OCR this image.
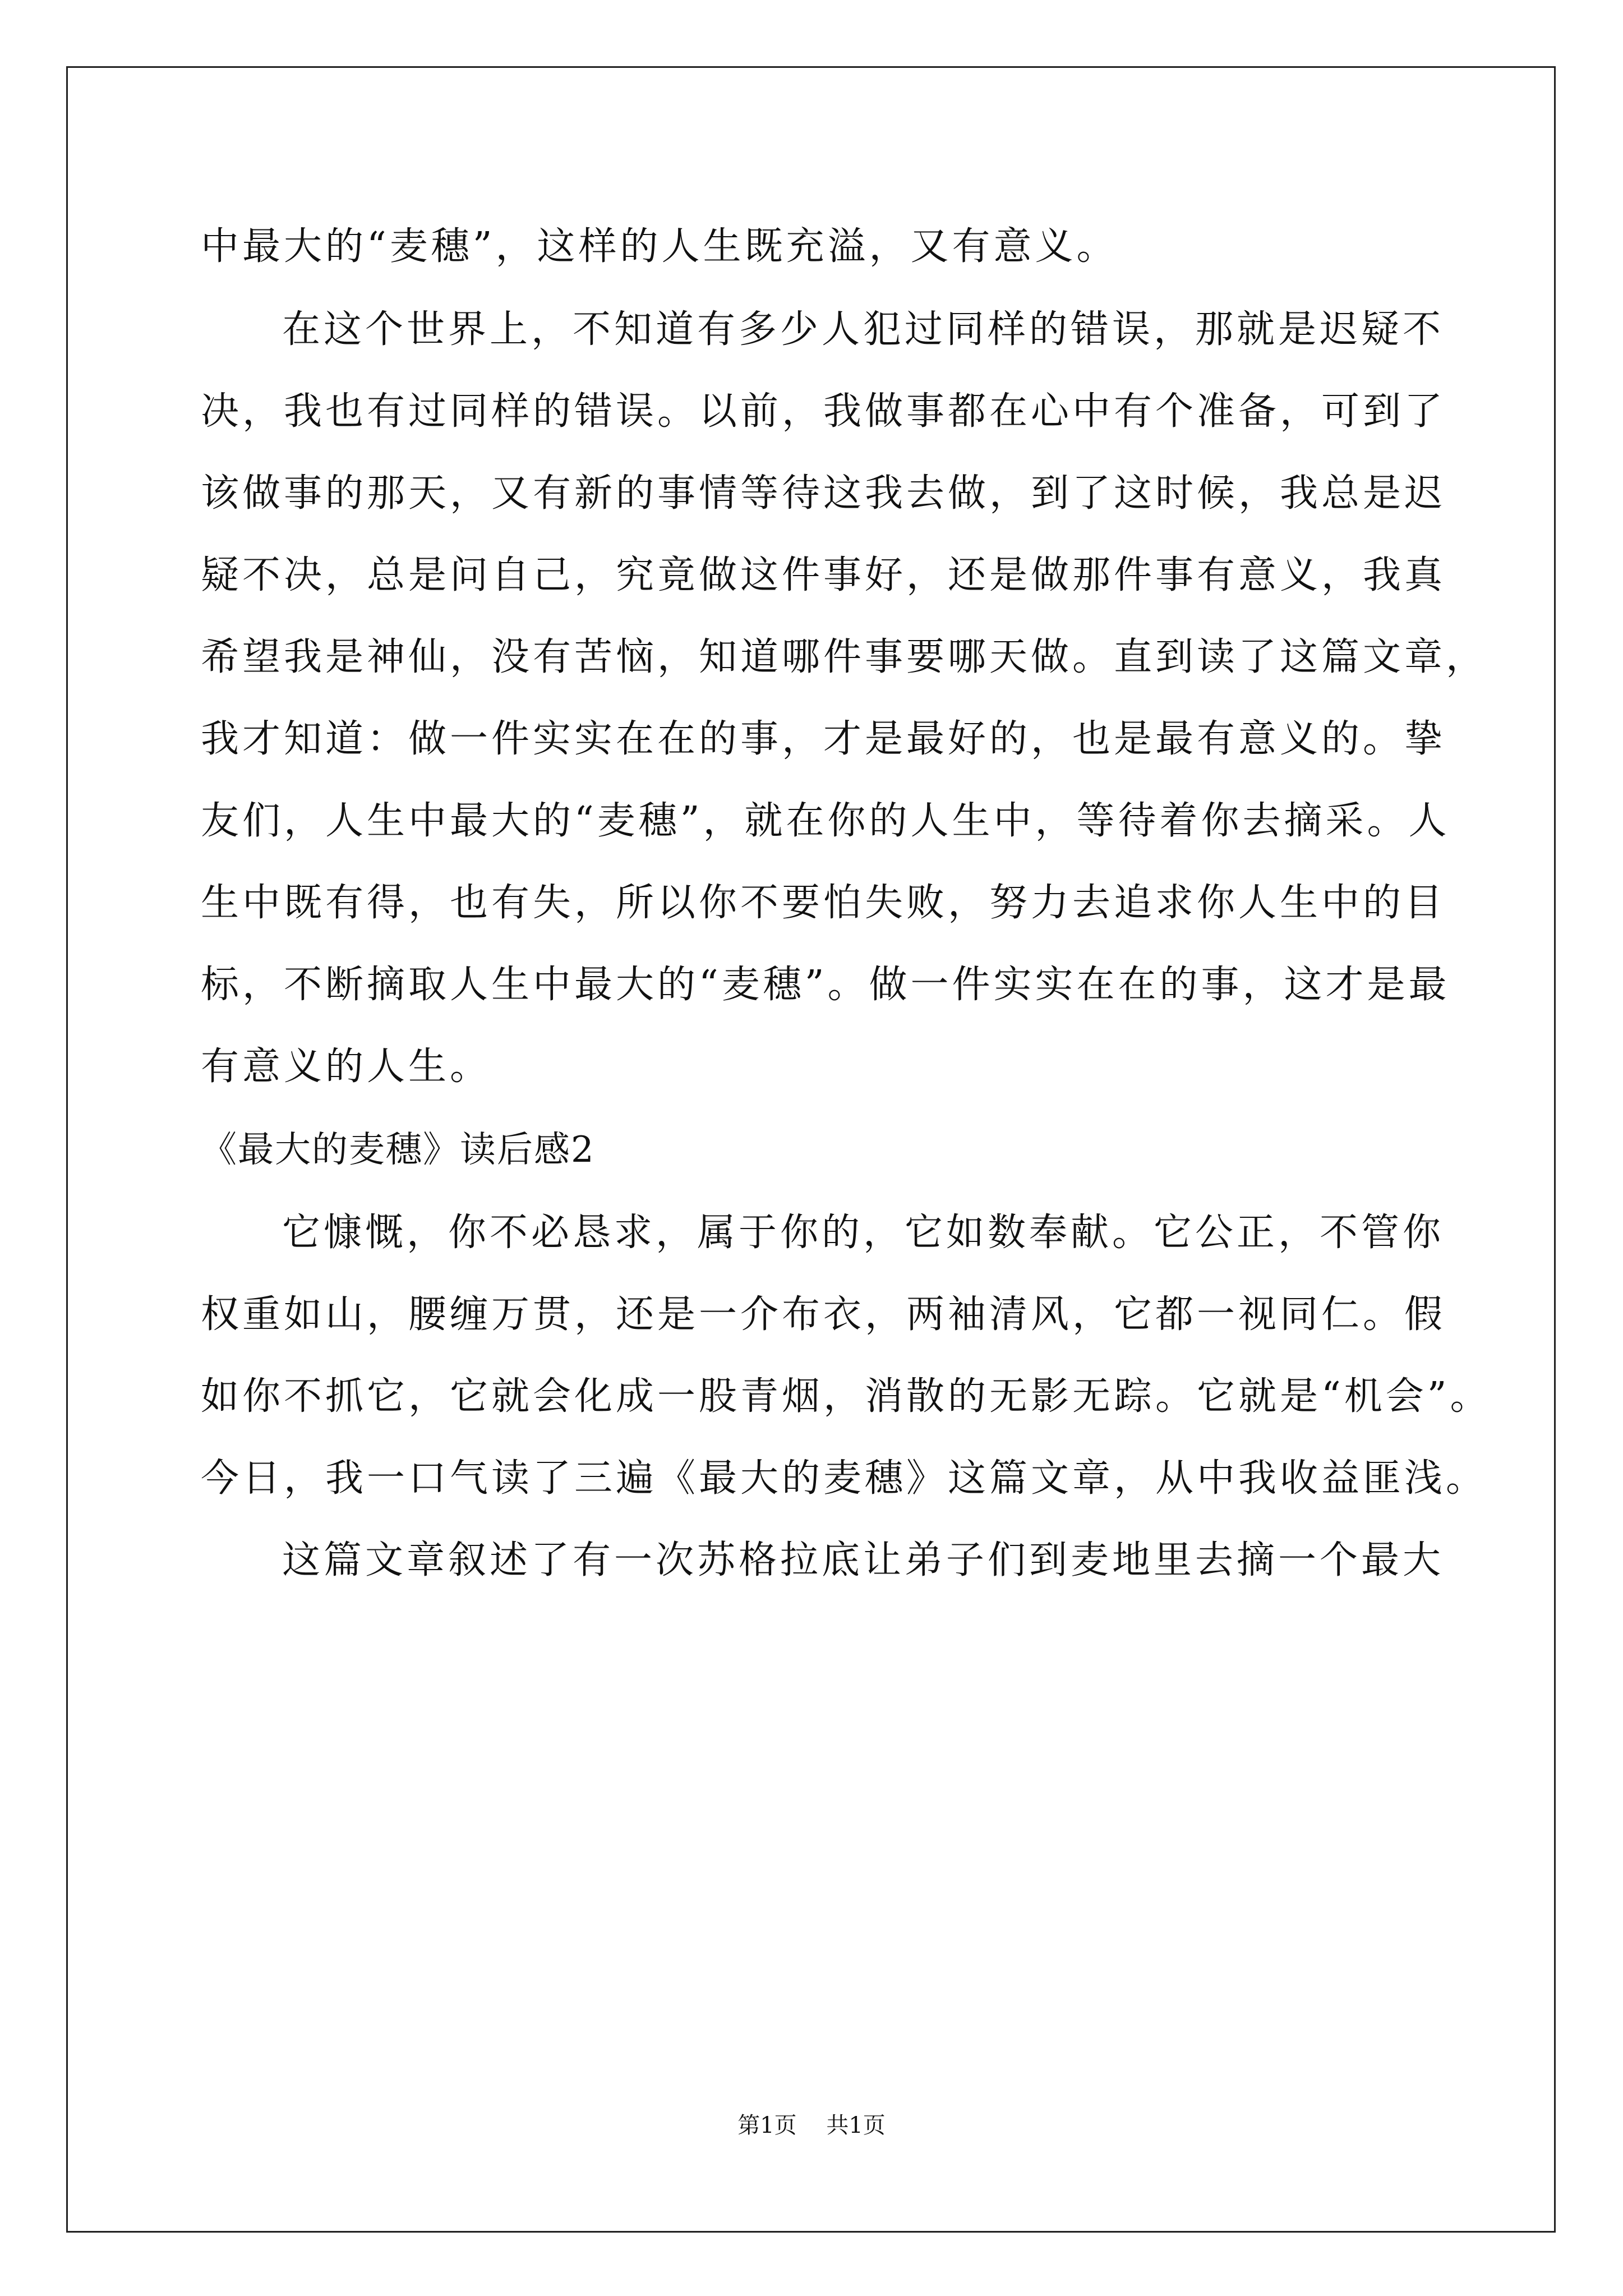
中最大的“麦穗”，这样的人生既充溢，又有意义。
在这个世界上，不知道有多少人犯过同样的错误，那就是迟疑不
决，我也有过同样的错误。以前，我做事都在心中有个准备，可到了
该做事的那天，又有新的事情等待这我去做，到了这时候，我总是迟
疑不决，总是问自己，究竟做这件事好，还是做那件事有意义，我真
希望我是神仙，没有苦恼，知道哪件事要哪天做。直到读了这篇文章，
我才知道：做一件实实在在的事，才是最好的，也是最有意义的。挚
友们，人生中最大的“麦穗”，就在你的人生中，等待着你去摘采。人
生中既有得，也有失，所以你不要怕失败，努力去追求你人生中的目
标，不断摘取人生中最大的“麦穗”。做一件实实在在的事，这才是最
有意义的人生。
《最大的麦穗》读后感2
它慷慨，你不必恳求，属于你的，它如数奉献。它公正，不管你
权重如山，腰缠万贯，还是一介布衣，两袖清风，它都一视同仁。假
如你不抓它，它就会化成一股青烟，消散的无影无踪。它就是“机会”。
今日，我一口气读了三遍《最大的麦穗》这篇文章，从中我收益匪浅。
这篇文章叙述了有一次苏格拉底让弟子们到麦地里去摘一个最大
第1页 共1页
